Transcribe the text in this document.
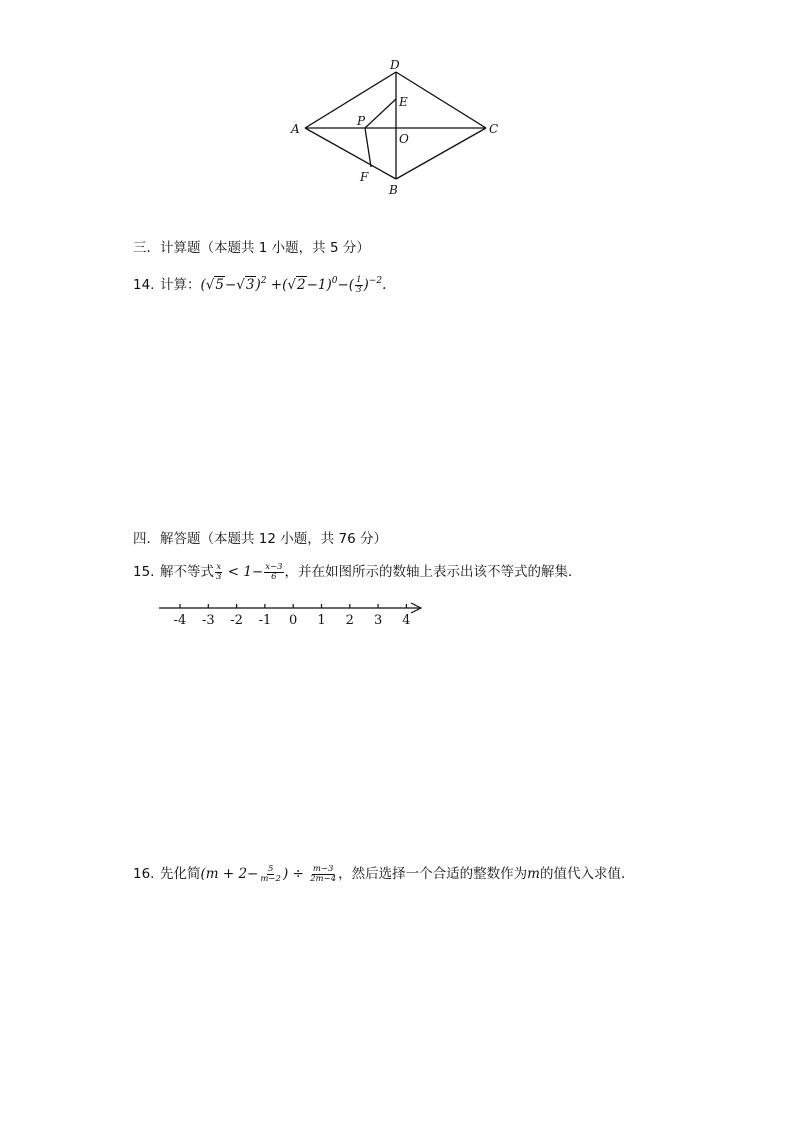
A
D
C
B
E
P
O
F
三．计算题（本题共 1 小题，共 5 分）
14. 计算：$(√5-√3)^2 +(√2-1)^0-( \frac{1}{3} )^{-2}$.
四．解答题（本题共 12 小题，共 76 分）
15. 解不等式 $\frac{x}{3} < 1- \frac{x-3}{6}$ ，并在如图所示的数轴上表示出该不等式的解集．
-4 -3 -2 -1 0 1 2 3 4
16. 先化简($m + 2- \frac{5}{m-2}$ ) ÷ $\frac{m-3}{2m-4}$ ，然后选择一个合适的整数作为m的值代入求值．
